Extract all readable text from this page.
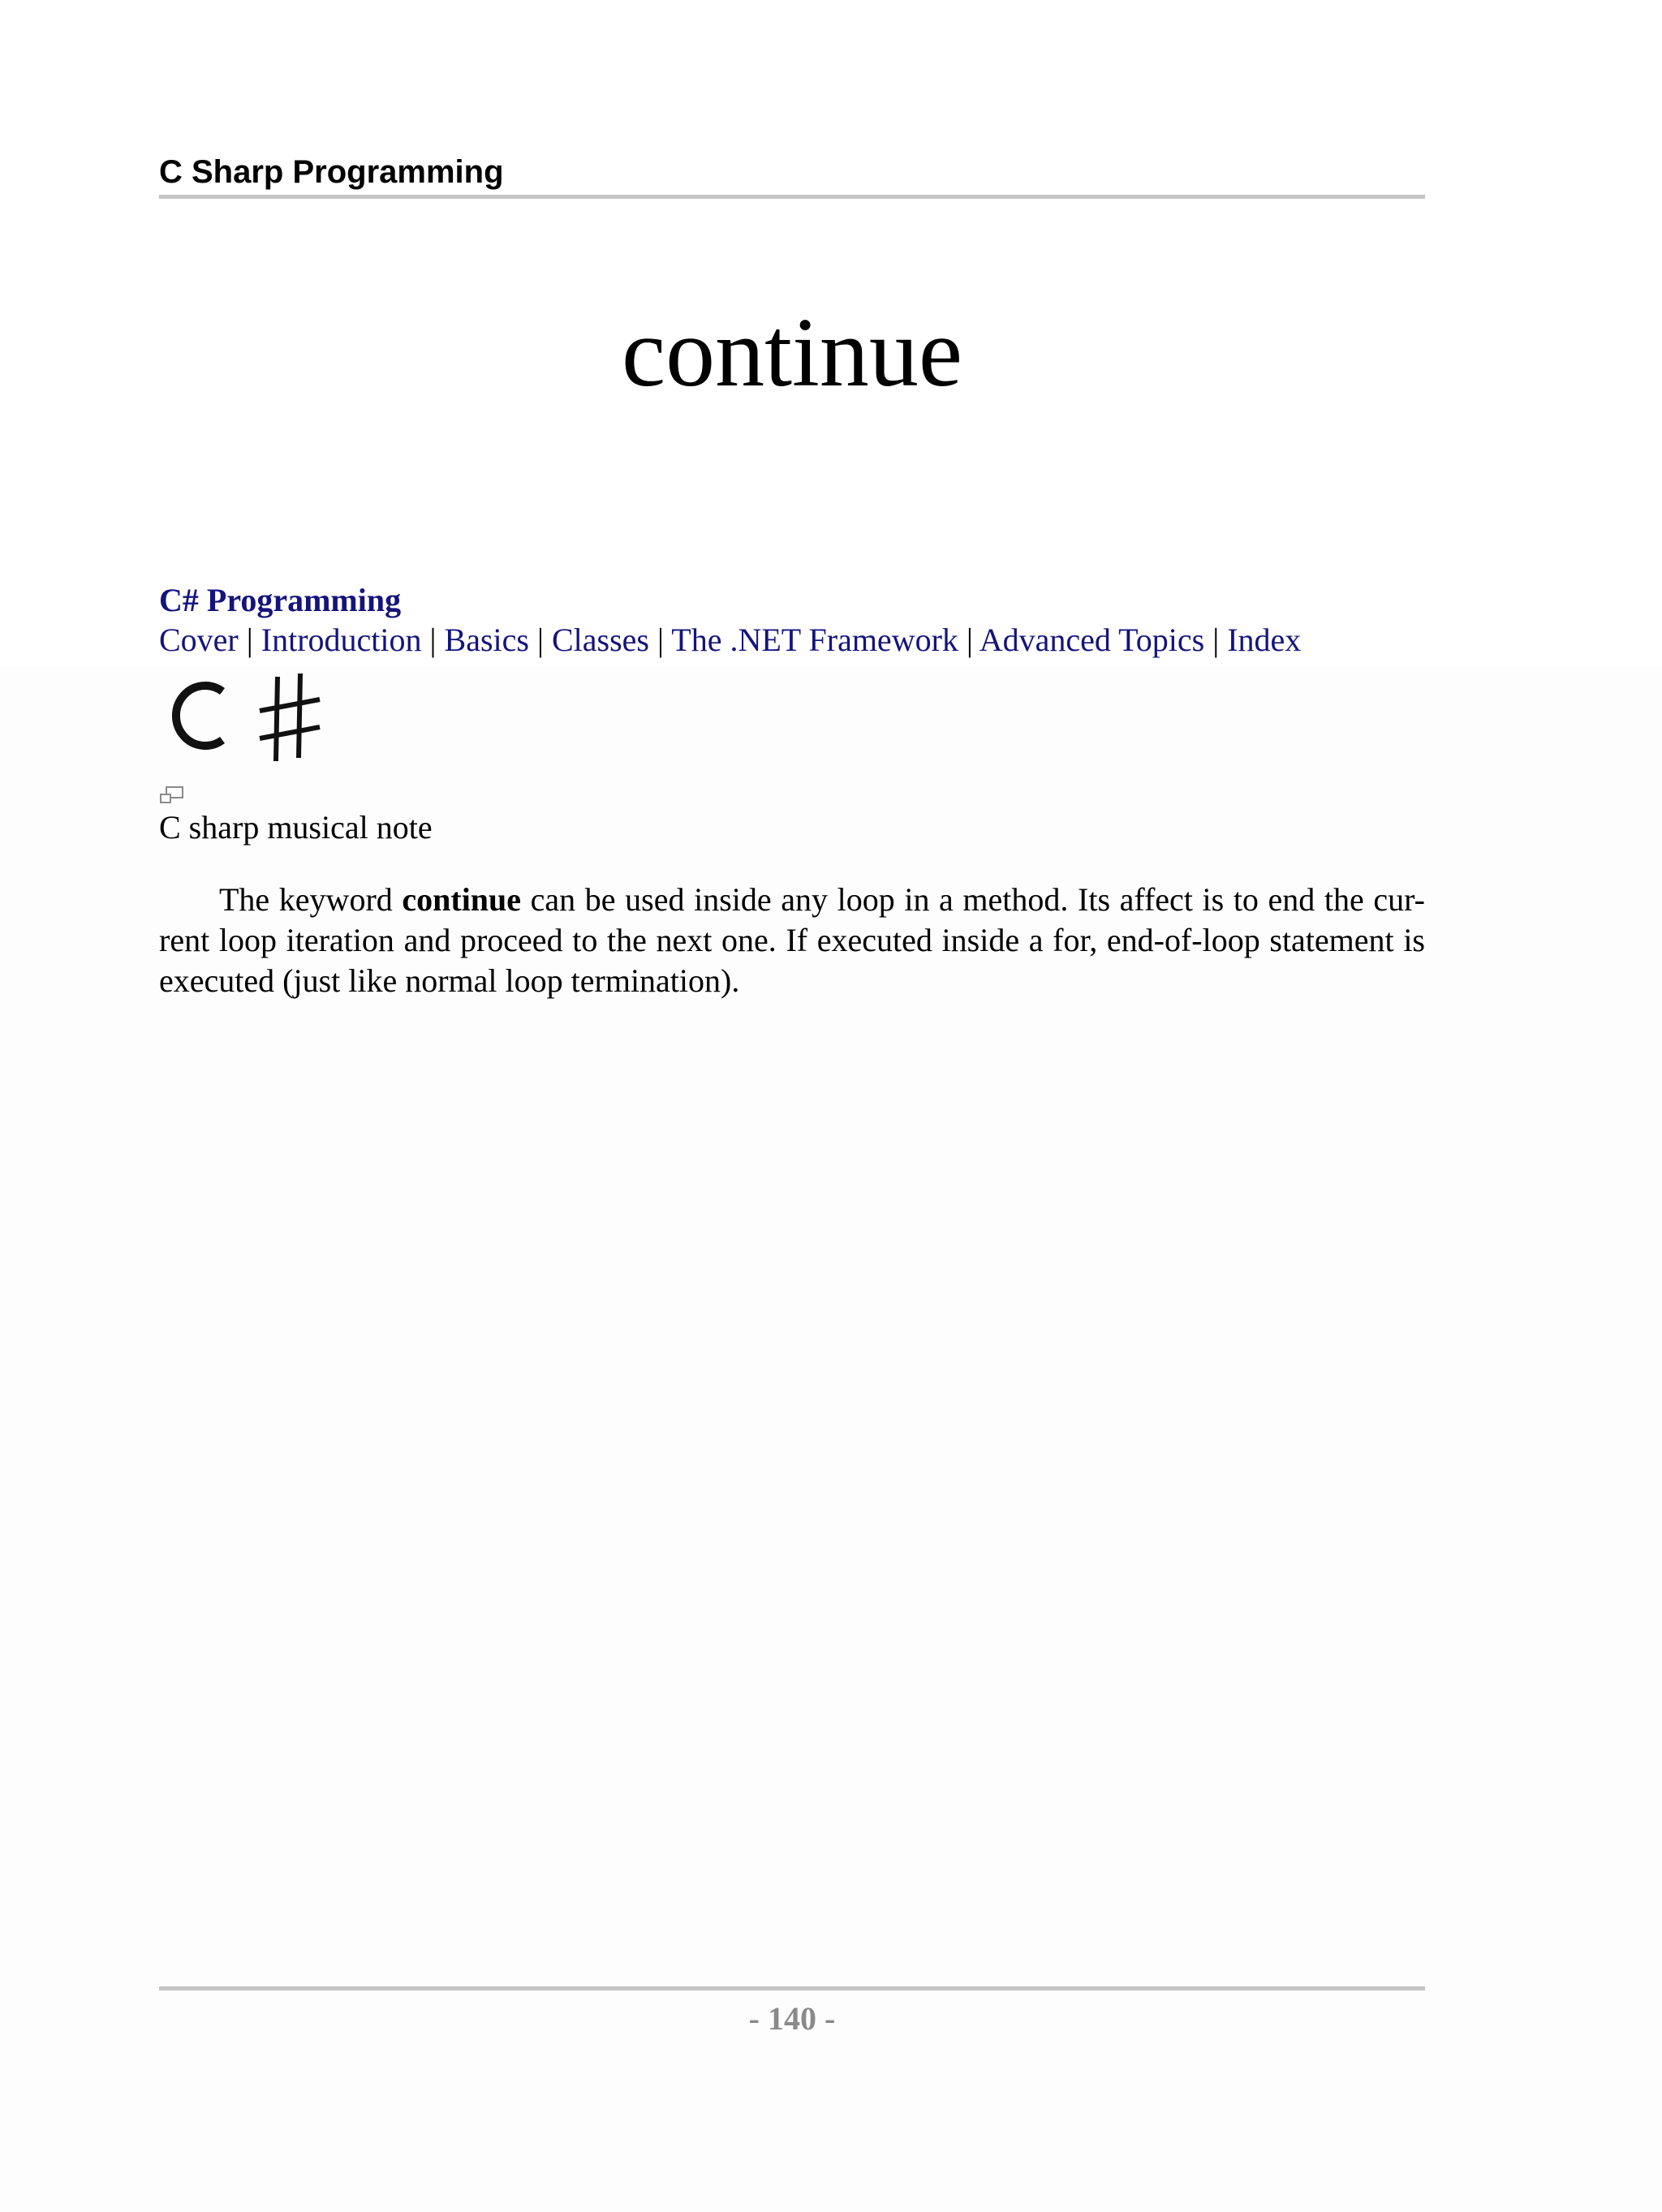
C Sharp Programming
continue
C# Programming
Cover | Introduction | Basics | Classes | The .NET Framework | Advanced Topics | Index
C sharp musical note
The keyword continue can be used inside any loop in a method. Its affect is to end the cur-
rent loop iteration and proceed to the next one. If executed inside a for, end-of-loop statement is
executed (just like normal loop termination).
- 140 -
